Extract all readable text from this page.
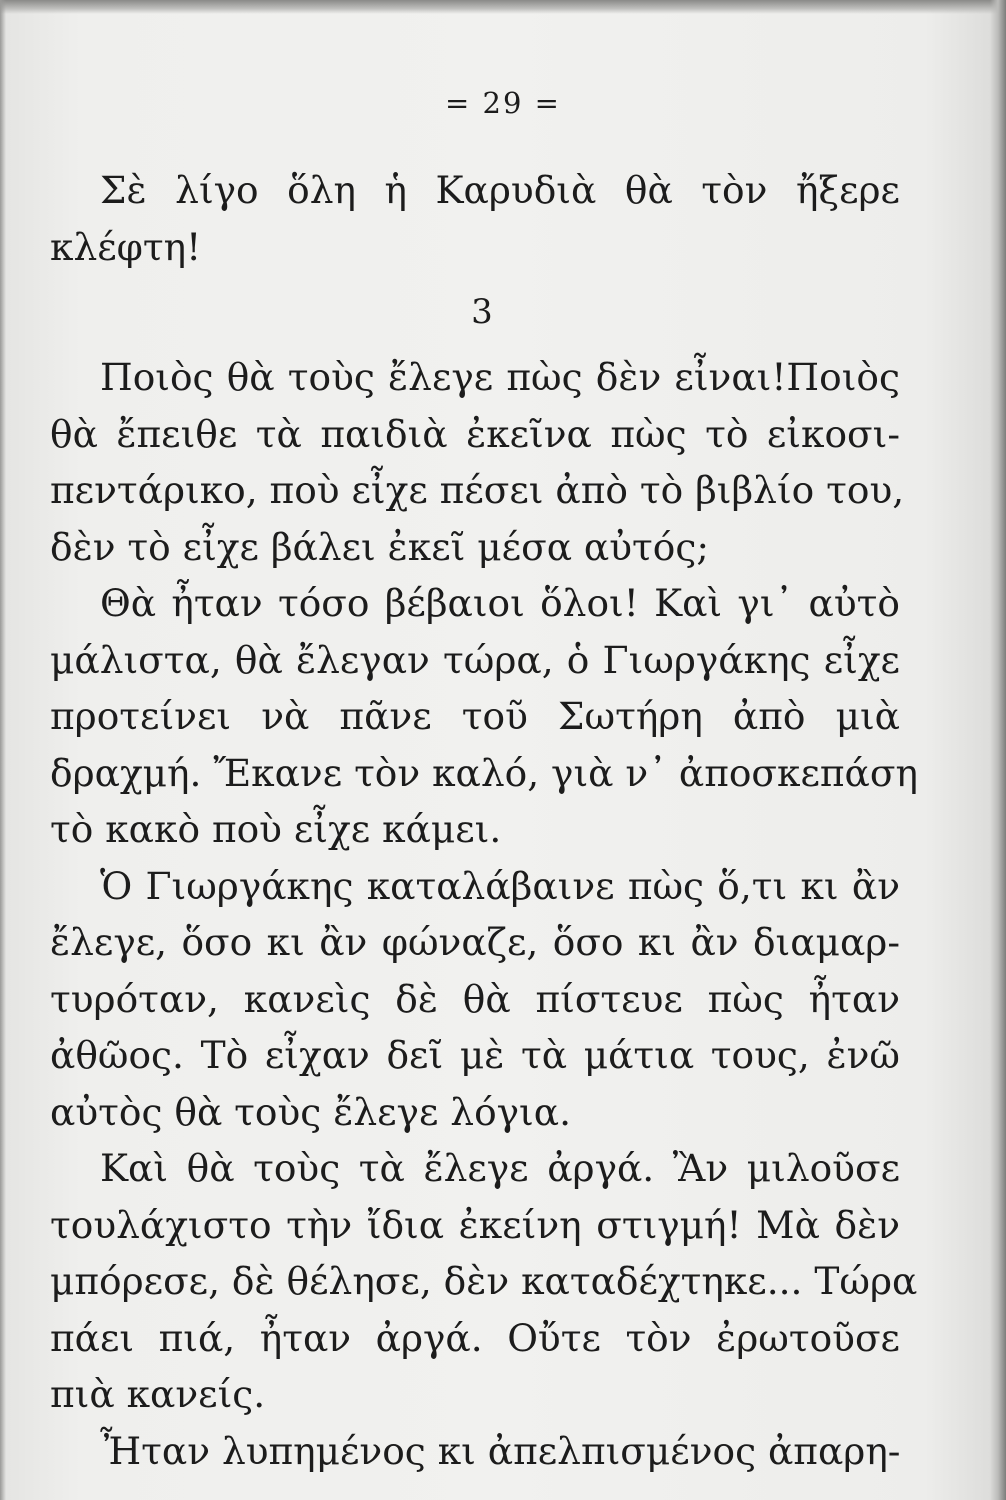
= 29 =
Σὲ λίγο ὅλη ἡ Καρυδιὰ θὰ τὸν ἤξερε
κλέφτη!
3
Ποιὸς θὰ τοὺς ἔλεγε πὼς δὲν εἶναι!Ποιὸς
θὰ ἔπειθε τὰ παιδιὰ ἐκεῖνα πὼς τὸ εἰκοσι-
πεντάρικο, ποὺ εἶχε πέσει ἀπὸ τὸ βιβλίο του,
δὲν τὸ εἶχε βάλει ἐκεῖ μέσα αὐτός;
Θὰ ἦταν τόσο βέβαιοι ὅλοι! Καὶ γι᾿ αὐτὸ
μάλιστα, θὰ ἔλεγαν τώρα, ὁ Γιωργάκης εἶχε
προτείνει νὰ πᾶνε τοῦ Σωτήρη ἀπὸ μιὰ
δραχμή. Ἔκανε τὸν καλό, γιὰ ν᾿ ἀποσκεπάση
τὸ κακὸ ποὺ εἶχε κάμει.
Ὁ Γιωργάκης καταλάβαινε πὼς ὅ,τι κι ἂν
ἔλεγε, ὅσο κι ἂν φώναζε, ὅσο κι ἂν διαμαρ-
τυρόταν, κανεὶς δὲ θὰ πίστευε πὼς ἦταν
ἀθῶος. Τὸ εἶχαν δεῖ μὲ τὰ μάτια τους, ἐνῶ
αὐτὸς θὰ τοὺς ἔλεγε λόγια.
Καὶ θὰ τοὺς τὰ ἔλεγε ἀργά. Ἂν μιλοῦσε
τουλάχιστο τὴν ἴδια ἐκείνη στιγμή! Μὰ δὲν
μπόρεσε, δὲ θέλησε, δὲν καταδέχτηκε... Τώρα
πάει πιά, ἦταν ἀργά. Οὔτε τὸν ἐρωτοῦσε
πιὰ κανείς.
Ἦταν λυπημένος κι ἀπελπισμένος ἀπαρη-
